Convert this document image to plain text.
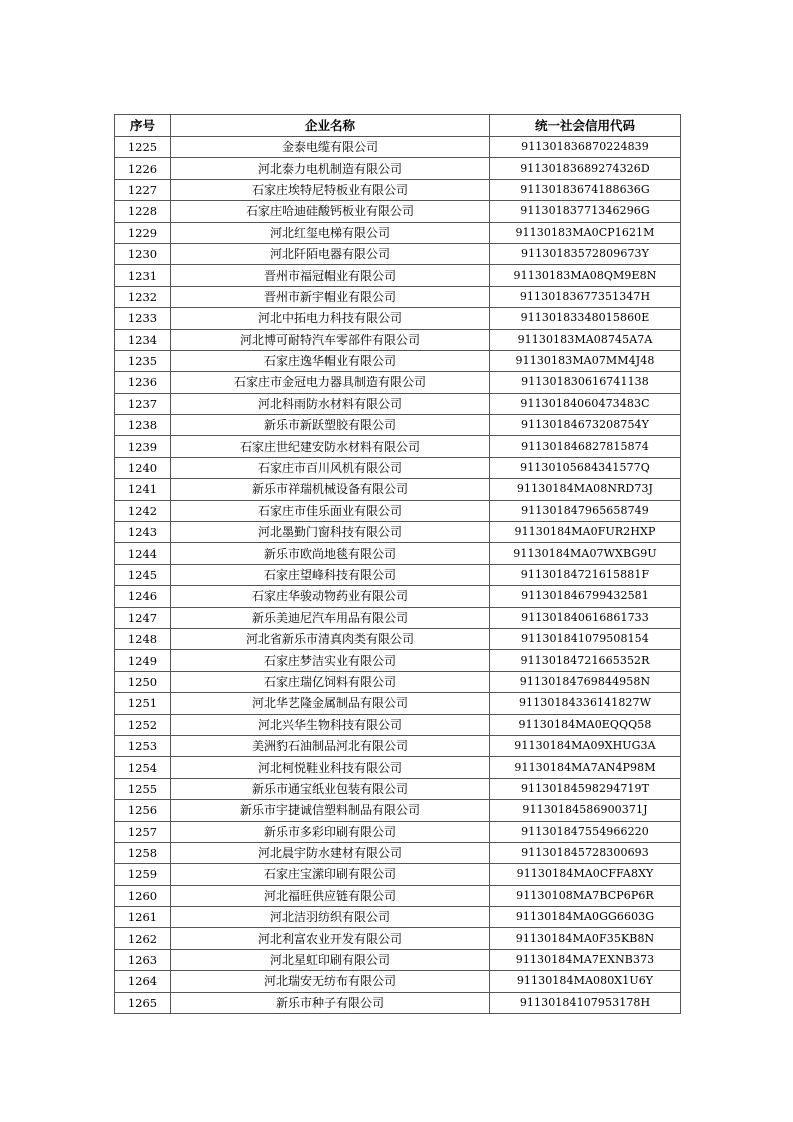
序号	企业名称	统一社会信用代码
1225	金泰电缆有限公司	911301836870224839
1226	河北泰力电机制造有限公司	91130183689274326D
1227	石家庄埃特尼特板业有限公司	91130183674188636G
1228	石家庄哈迪硅酸钙板业有限公司	91130183771346296G
1229	河北红玺电梯有限公司	91130183MA0CP1621M
1230	河北阡陌电器有限公司	91130183572809673Y
1231	晋州市福冠帽业有限公司	91130183MA08QM9E8N
1232	晋州市新宇帽业有限公司	91130183677351347H
1233	河北中拓电力科技有限公司	91130183348015860E
1234	河北博可耐特汽车零部件有限公司	91130183MA08745A7A
1235	石家庄逸华帽业有限公司	91130183MA07MM4J48
1236	石家庄市金冠电力器具制造有限公司	911301830616741138
1237	河北科雨防水材料有限公司	91130184060473483C
1238	新乐市新跃塑胶有限公司	91130184673208754Y
1239	石家庄世纪建安防水材料有限公司	911301846827815874
1240	石家庄市百川风机有限公司	91130105684341577Q
1241	新乐市祥瑞机械设备有限公司	91130184MA08NRD73J
1242	石家庄市佳乐面业有限公司	911301847965658749
1243	河北墨勤门窗科技有限公司	91130184MA0FUR2HXP
1244	新乐市欧尚地毯有限公司	91130184MA07WXBG9U
1245	石家庄望峰科技有限公司	91130184721615881F
1246	石家庄华骏动物药业有限公司	911301846799432581
1247	新乐美迪尼汽车用品有限公司	911301840616861733
1248	河北省新乐市清真肉类有限公司	911301841079508154
1249	石家庄梦洁实业有限公司	91130184721665352R
1250	石家庄瑞亿饲料有限公司	91130184769844958N
1251	河北华艺隆金属制品有限公司	91130184336141827W
1252	河北兴华生物科技有限公司	91130184MA0EQQQ58
1253	美洲豹石油制品河北有限公司	91130184MA09XHUG3A
1254	河北柯悦鞋业科技有限公司	91130184MA7AN4P98M
1255	新乐市通宝纸业包装有限公司	91130184598294719T
1256	新乐市宇捷诚信塑料制品有限公司	91130184586900371J
1257	新乐市多彩印刷有限公司	911301847554966220
1258	河北晨宇防水建材有限公司	911301845728300693
1259	石家庄宝潆印刷有限公司	91130184MA0CFFA8XY
1260	河北福旺供应链有限公司	91130108MA7BCP6P6R
1261	河北洁羽纺织有限公司	91130184MA0GG6603G
1262	河北利富农业开发有限公司	91130184MA0F35KB8N
1263	河北星虹印刷有限公司	91130184MA7EXNB373
1264	河北瑞安无纺布有限公司	91130184MA080X1U6Y
1265	新乐市种子有限公司	91130184107953178H
